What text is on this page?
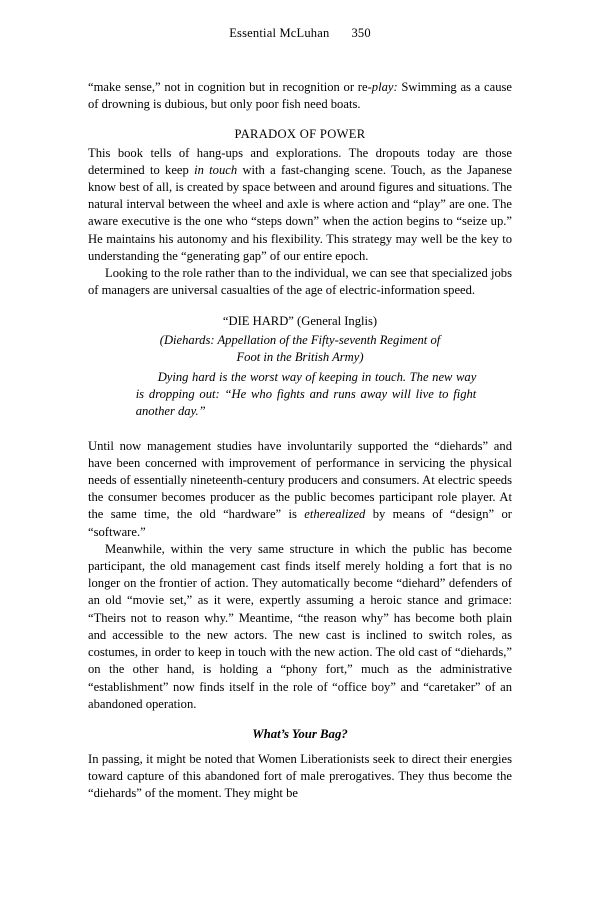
Essential McLuhan 350

“make sense,” not in cognition but in recognition or re-play: Swimming as a cause of drowning is dubious, but only poor fish need boats.

PARADOX OF POWER

This book tells of hang-ups and explorations. The dropouts today are those determined to keep in touch with a fast-changing scene. Touch, as the Japanese know best of all, is created by space between and around figures and situations. The natural interval between the wheel and axle is where action and “play” are one. The aware executive is the one who “steps down” when the action begins to “seize up.” He maintains his autonomy and his flexibility. This strategy may well be the key to understanding the “generating gap” of our entire epoch.

Looking to the role rather than to the individual, we can see that specialized jobs of managers are universal casualties of the age of electric-information speed.

“DIE HARD” (General Inglis)
(Diehards: Appellation of the Fifty-seventh Regiment of
Foot in the British Army)
Dying hard is the worst way of keeping in touch. The new way is dropping out: “He who fights and runs away will live to fight another day.”

Until now management studies have involuntarily supported the “diehards” and have been concerned with improvement of performance in servicing the physical needs of essentially nineteenth-century producers and consumers. At electric speeds the consumer becomes producer as the public becomes participant role player. At the same time, the old “hardware” is etherealized by means of “design” or “software.”

Meanwhile, within the very same structure in which the public has become participant, the old management cast finds itself merely holding a fort that is no longer on the frontier of action. They automatically become “diehard” defenders of an old “movie set,” as it were, expertly assuming a heroic stance and grimace: “Theirs not to reason why.” Meantime, “the reason why” has become both plain and accessible to the new actors. The new cast is inclined to switch roles, as costumes, in order to keep in touch with the new action. The old cast of “diehards,” on the other hand, is holding a “phony fort,” much as the administrative “establishment” now finds itself in the role of “office boy” and “caretaker” of an abandoned operation.

What’s Your Bag?

In passing, it might be noted that Women Liberationists seek to direct their energies toward capture of this abandoned fort of male prerogatives. They thus become the “diehards” of the moment. They might be
